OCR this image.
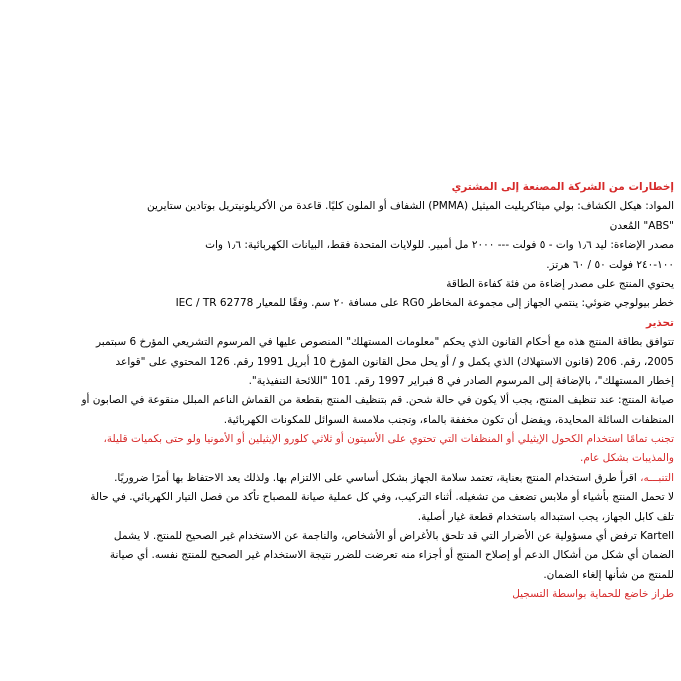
إخطارات من الشركة المصنعة إلى المشتري
المواد: هيكل الكشاف: بولي ميثاكريليت الميثيل (PMMA) الشفاف أو الملون كليًا. قاعدة من الأكريلونيتريل بوتادين ستايرين
"ABS" المُعدن
مصدر الإضاءة: ليد ١٫٦ وات - ٥ فولت --- ٢٠٠٠ مل أمبير. للولايات المتحدة فقط، البيانات الكهربائية: ١٫٦ وات
١٠٠-٢٤٠ فولت ٥٠ / ٦٠ هرتز.
يحتوي المنتج على مصدر إضاءة من فئة كفاءة الطاقة
خطر بيولوجي ضوئي: ينتمي الجهاز إلى مجموعة المخاطر RG0 على مسافة ٢٠ سم. وفقًا للمعيار IEC / TR 62778
تحذير
تتوافق بطاقة المنتج هذه مع أحكام القانون الذي يحكم "معلومات المستهلك" المنصوص عليها في المرسوم التشريعي المؤرخ 6 سبتمبر
2005، رقم. 206 (قانون الاستهلاك) الذي يكمل و / أو يحل محل القانون المؤرخ 10 أبريل 1991 رقم. 126 المحتوي على "قواعد
إخطار المستهلك"، بالإضافة إلى المرسوم الصادر في 8 فبراير 1997 رقم. 101 "اللائحة التنفيذية".
صيانة المنتج: عند تنظيف المنتج، يجب ألا يكون في حالة شحن. قم بتنظيف المنتج بقطعة من القماش الناعم المبلل منقوعة في الصابون أو
المنظفات السائلة المحايدة، ويفضل أن تكون مخففة بالماء، وتجنب ملامسة السوائل للمكونات الكهربائية.
تجنب تمامًا استخدام الكحول الإيثيلي أو المنظفات التي تحتوي على الأسيتون أو ثلاثي كلورو الإيثيلين أو الأمونيا ولو حتى بكميات قليلة،
والمذيبات بشكل عام.
التنبـــه، اقرأ طرق استخدام المنتج بعناية، تعتمد سلامة الجهاز بشكل أساسي على الالتزام بها. ولذلك يعد الاحتفاظ بها أمرًا ضروريًا.
لا تحمل المنتج بأشياء أو ملابس تضعف من تشغيله. أثناء التركيب، وفي كل عملية صيانة للمصباح تأكد من فصل التيار الكهربائي. في حالة
تلف كابل الجهاز، يجب استبداله باستخدام قطعة غيار أصلية.
Kartell ترفض أي مسؤولية عن الأضرار التي قد تلحق بالأغراض أو الأشخاص، والناجمة عن الاستخدام غير الصحيح للمنتج. لا يشمل
الضمان أي شكل من أشكال الدعم أو إصلاح المنتج أو أجزاء منه تعرضت للضرر نتيجة الاستخدام غير الصحيح للمنتج نفسه. أي صيانة
للمنتج من شأنها إلغاء الضمان.
طراز خاضع للحماية بواسطة التسجيل
